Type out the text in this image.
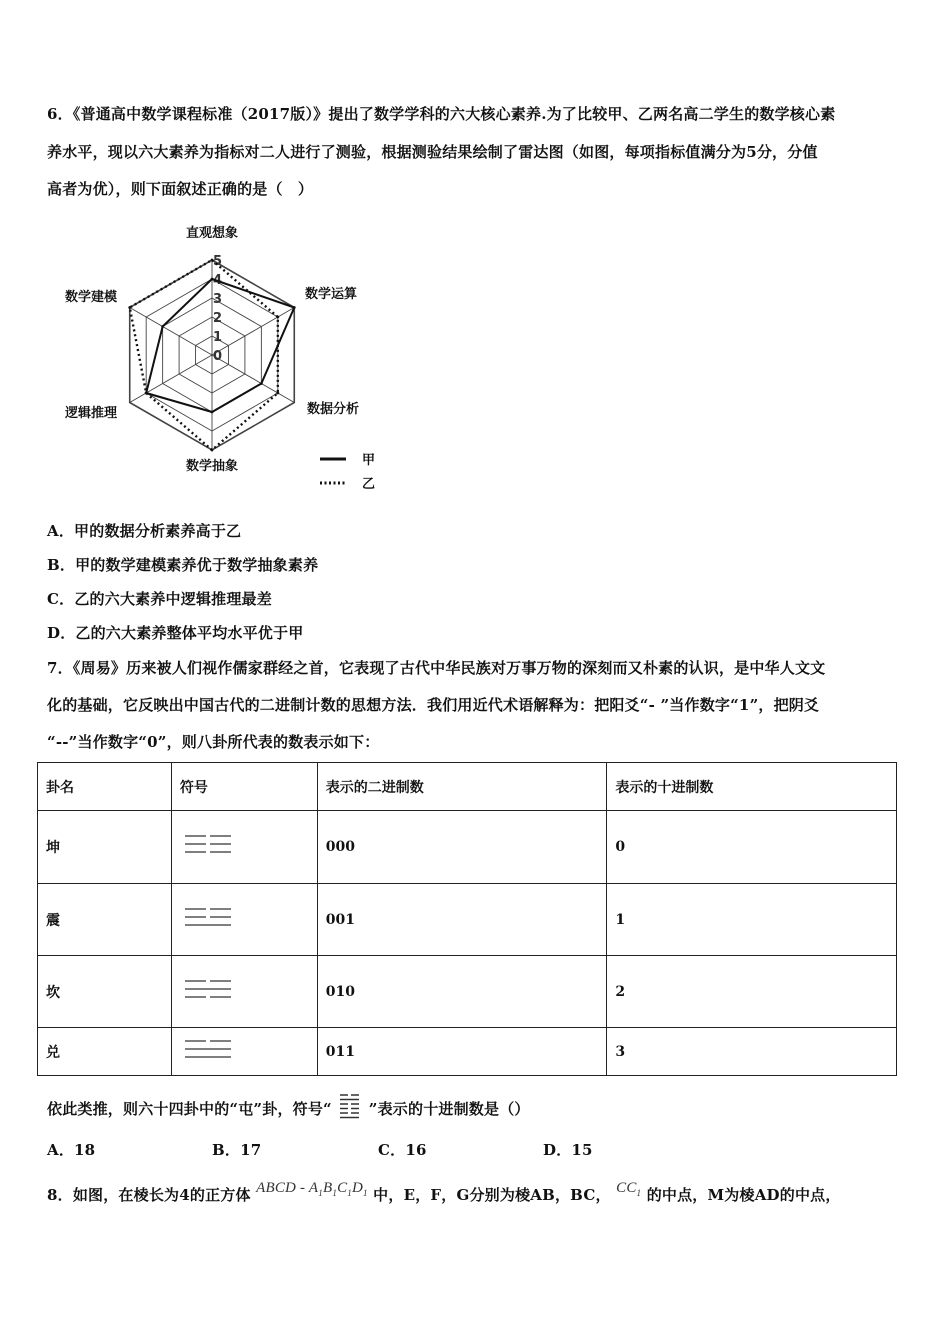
6．《普通高中数学课程标准（2017版）》提出了数学学科的六大核心素养.为了比较甲、乙两名高二学生的数学核心素
养水平，现以六大素养为指标对二人进行了测验，根据测验结果绘制了雷达图（如图，每项指标值满分为5分，分值
高者为优），则下面叙述正确的是（　）
0
1
2
3
4
5
直观想象
数学运算
数据分析
数学抽象
逻辑推理
数学建模
甲
乙
A．甲的数据分析素养高于乙
B．甲的数学建模素养优于数学抽象素养
C．乙的六大素养中逻辑推理最差
D．乙的六大素养整体平均水平优于甲
7．《周易》历来被人们视作儒家群经之首，它表现了古代中华民族对万事万物的深刻而又朴素的认识，是中华人文文
化的基础，它反映出中国古代的二进制计数的思想方法．我们用近代术语解释为：把阳爻“- ”当作数字“1”，把阴爻
“--”当作数字“0”，则八卦所代表的数表示如下：
卦名	符号	表示的二进制数	表示的十进制数
坤		000	0
震		001	1
坎		010	2
兑		011	3
依此类推，则六十四卦中的“屯”卦，符号“ ”表示的十进制数是（）
A．18	B．17	C．16	D．15
8．如图，在棱长为4的正方体 ABCD - $A_1B_1C_1D_1$ 中，E，F，G分别为棱AB，BC， $CC_1$ 的中点，M为棱AD的中点，
